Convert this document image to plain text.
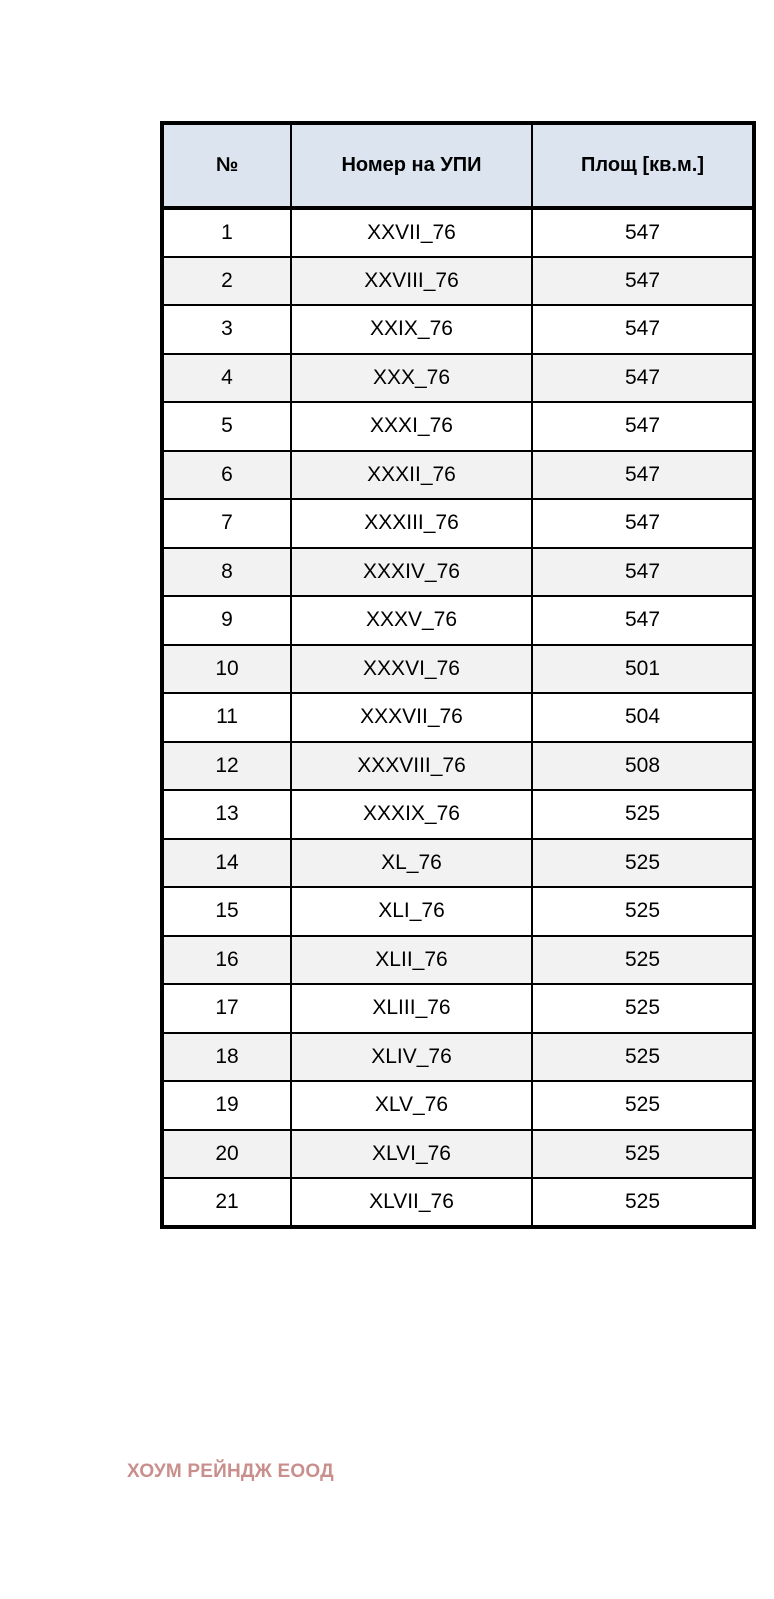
№	Номер на УПИ	Площ [кв.м.]
1	XXVII_76	547
2	XXVIII_76	547
3	XXIX_76	547
4	XXX_76	547
5	XXXI_76	547
6	XXXII_76	547
7	XXXIII_76	547
8	XXXIV_76	547
9	XXXV_76	547
10	XXXVI_76	501
11	XXXVII_76	504
12	XXXVIII_76	508
13	XXXIX_76	525
14	XL_76	525
15	XLI_76	525
16	XLII_76	525
17	XLIII_76	525
18	XLIV_76	525
19	XLV_76	525
20	XLVI_76	525
21	XLVII_76	525

ХОУМ РЕЙНДЖ ЕООД
